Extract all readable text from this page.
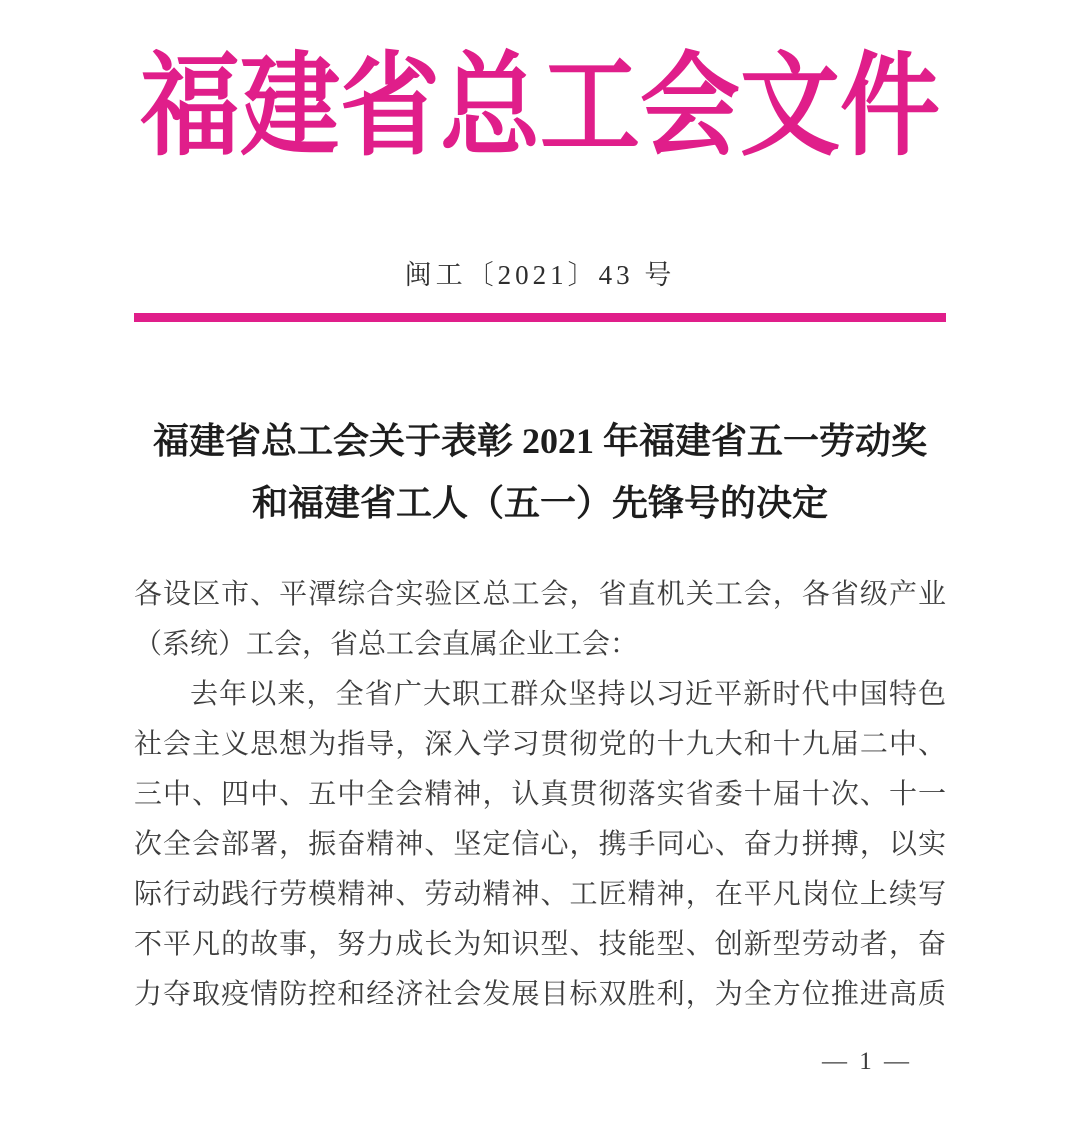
福建省总工会文件
闽工〔2021〕43 号
福建省总工会关于表彰 2021 年福建省五一劳动奖
和福建省工人（五一）先锋号的决定

各设区市、平潭综合实验区总工会，省直机关工会，各省级产业

（系统）工会，省总工会直属企业工会：

去年以来，全省广大职工群众坚持以习近平新时代中国特色

社会主义思想为指导，深入学习贯彻党的十九大和十九届二中、

三中、四中、五中全会精神，认真贯彻落实省委十届十次、十一

次全会部署，振奋精神、坚定信心，携手同心、奋力拼搏，以实

际行动践行劳模精神、劳动精神、工匠精神，在平凡岗位上续写

不平凡的故事，努力成长为知识型、技能型、创新型劳动者，奋

力夺取疫情防控和经济社会发展目标双胜利，为全方位推进高质

— 1 —
